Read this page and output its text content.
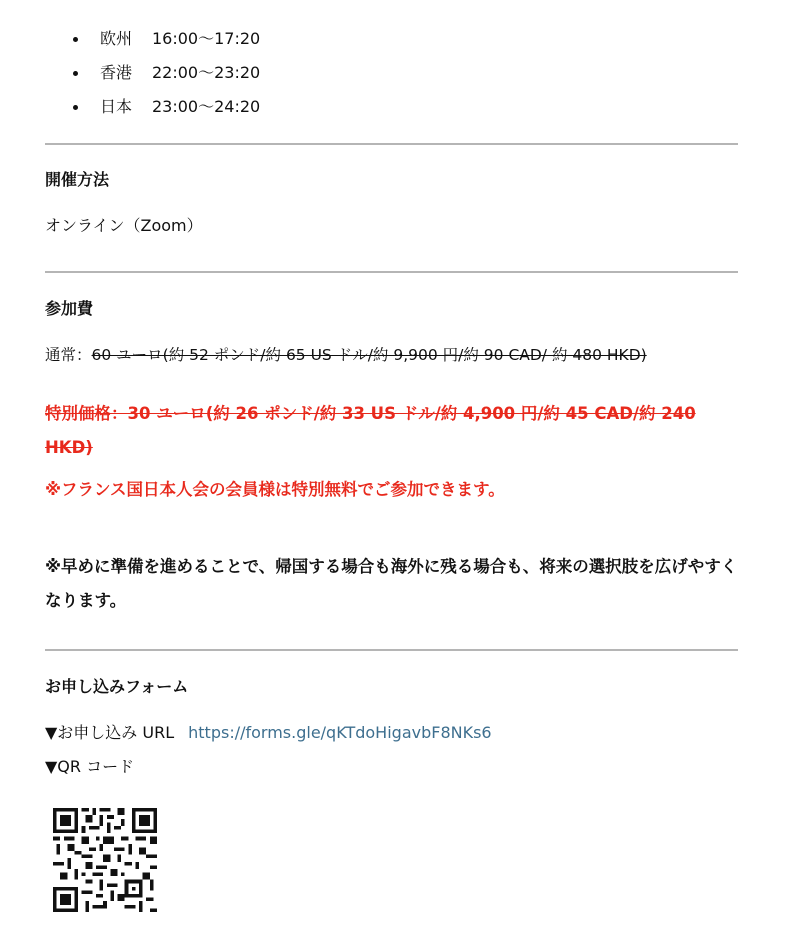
欧州 16:00〜17:20
香港 22:00〜23:20
日本 23:00〜24:20
開催方法
オンライン（Zoom）
参加費
通常：60 ユーロ(約 52 ポンド/約 65 US ドル/約 9,900 円/約 90 CAD/ 約 480 HKD)
特別価格：30 ユーロ(約 26 ポンド/約 33 US ドル/約 4,900 円/約 45 CAD/約 240 HKD)
※フランス国日本人会の会員様は特別無料でご参加できます。
※早めに準備を進めることで、帰国する場合も海外に残る場合も、将来の選択肢を広げやすくなります。
お申し込みフォーム
▼お申し込み URL https://forms.gle/qKTdoHigavbF8NKs6
▼QR コード
